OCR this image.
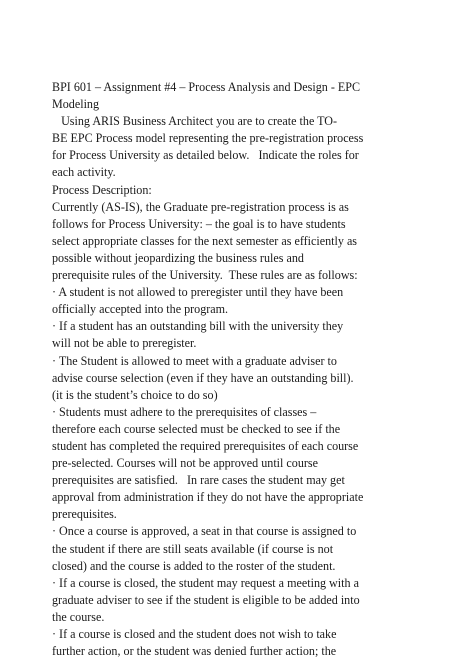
BPI 601 – Assignment #4 – Process Analysis and Design - EPC
Modeling
Using ARIS Business Architect you are to create the TO-
BE EPC Process model representing the pre-registration process
for Process University as detailed below.   Indicate the roles for
each activity.
Process Description:
Currently (AS-IS), the Graduate pre-registration process is as
follows for Process University: – the goal is to have students
select appropriate classes for the next semester as efficiently as
possible without jeopardizing the business rules and
prerequisite rules of the University.  These rules are as follows:
· A student is not allowed to preregister until they have been
officially accepted into the program.
· If a student has an outstanding bill with the university they
will not be able to preregister.
· The Student is allowed to meet with a graduate adviser to
advise course selection (even if they have an outstanding bill).
(it is the student’s choice to do so)
· Students must adhere to the prerequisites of classes –
therefore each course selected must be checked to see if the
student has completed the required prerequisites of each course
pre-selected. Courses will not be approved until course
prerequisites are satisfied.   In rare cases the student may get
approval from administration if they do not have the appropriate
prerequisites.
· Once a course is approved, a seat in that course is assigned to
the student if there are still seats available (if course is not
closed) and the course is added to the roster of the student.
· If a course is closed, the student may request a meeting with a
graduate adviser to see if the student is eligible to be added into
the course.
· If a course is closed and the student does not wish to take
further action, or the student was denied further action; the
